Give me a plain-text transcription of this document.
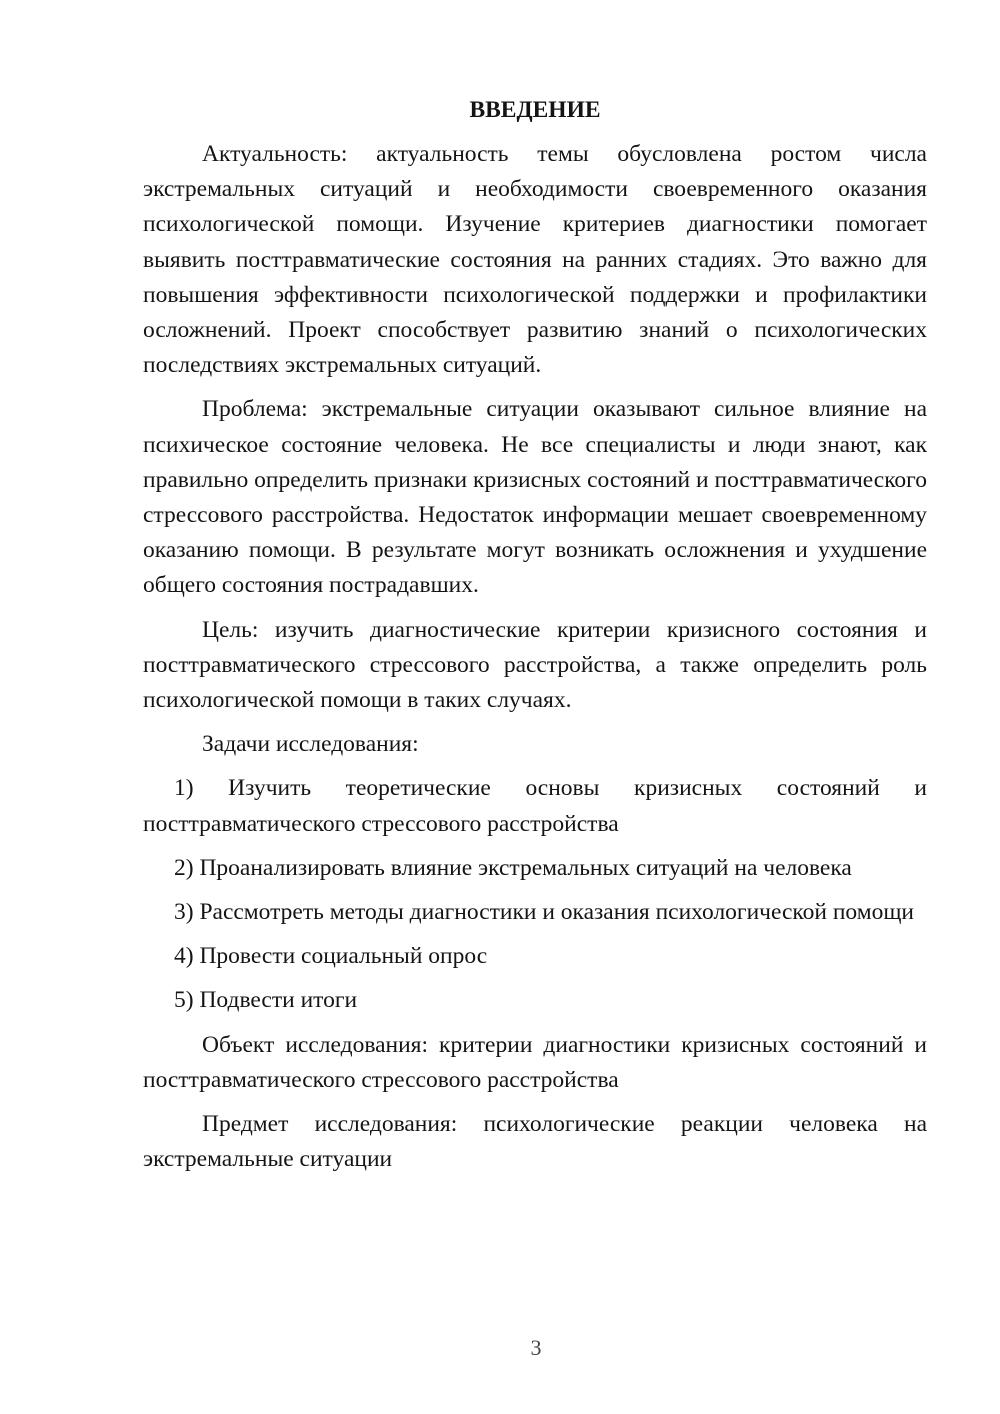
ВВЕДЕНИЕ

Актуальность: актуальность темы обусловлена ростом числа экстремальных ситуаций и необходимости своевременного оказания психологической помощи. Изучение критериев диагностики помогает выявить посттравматические состояния на ранних стадиях. Это важно для повышения эффективности психологической поддержки и профилактики осложнений. Проект способствует развитию знаний о психологических последствиях экстремальных ситуаций.

Проблема: экстремальные ситуации оказывают сильное влияние на психическое состояние человека. Не все специалисты и люди знают, как правильно определить признаки кризисных состояний и посттравматического стрессового расстройства. Недостаток информации мешает своевременному оказанию помощи. В результате могут возникать осложнения и ухудшение общего состояния пострадавших.

Цель: изучить диагностические критерии кризисного состояния и посттравматического стрессового расстройства, а также определить роль психологической помощи в таких случаях.

Задачи исследования:

1) Изучить теоретические основы кризисных состояний и посттравматического стрессового расстройства

2) Проанализировать влияние экстремальных ситуаций на человека

3) Рассмотреть методы диагностики и оказания психологической помощи

4) Провести социальный опрос

5) Подвести итоги

Объект исследования: критерии диагностики кризисных состояний и посттравматического стрессового расстройства

Предмет исследования: психологические реакции человека на экстремальные ситуации

3
